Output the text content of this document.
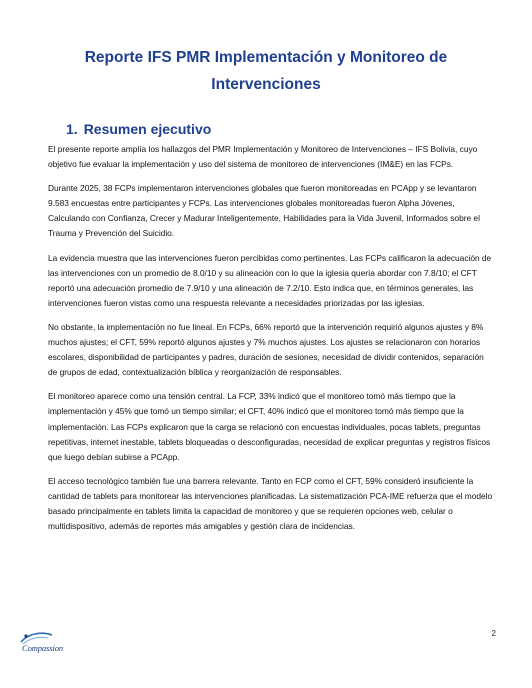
Reporte IFS PMR Implementación y Monitoreo de Intervenciones
1. Resumen ejecutivo

El presente reporte amplía los hallazgos del PMR Implementación y Monitoreo de Intervenciones – IFS Bolivia, cuyo objetivo fue evaluar la implementación y uso del sistema de monitoreo de intervenciones (IM&E) en las FCPs.

Durante 2025, 38 FCPs implementaron intervenciones globales que fueron monitoreadas en PCApp y se levantaron 9.583 encuestas entre participantes y FCPs. Las intervenciones globales monitoreadas fueron Alpha Jóvenes, Calculando con Confianza, Crecer y Madurar Inteligentemente, Habilidades para la Vida Juvenil, Informados sobre el Trauma y Prevención del Suicidio.

La evidencia muestra que las intervenciones fueron percibidas como pertinentes. Las FCPs calificaron la adecuación de las intervenciones con un promedio de 8.0/10 y su alineación con lo que la iglesia quería abordar con 7.8/10; el CFT reportó una adecuación promedio de 7.9/10 y una alineación de 7.2/10. Esto indica que, en términos generales, las intervenciones fueron vistas como una respuesta relevante a necesidades priorizadas por las iglesias.

No obstante, la implementación no fue lineal. En FCPs, 66% reportó que la intervención requirió algunos ajustes y 8% muchos ajustes; el CFT, 59% reportó algunos ajustes y 7% muchos ajustes. Los ajustes se relacionaron con horarios escolares, disponibilidad de participantes y padres, duración de sesiones, necesidad de dividir contenidos, separación de grupos de edad, contextualización bíblica y reorganización de responsables.

El monitoreo aparece como una tensión central. La FCP, 33% indicó que el monitoreo tomó más tiempo que la implementación y 45% que tomó un tiempo similar; el CFT, 40% indicó que el monitoreo tomó más tiempo que la implementación. Las FCPs explicaron que la carga se relacionó con encuestas individuales, pocas tablets, preguntas repetitivas, internet inestable, tablets bloqueadas o desconfiguradas, necesidad de explicar preguntas y registros físicos que luego debían subirse a PCApp.

El acceso tecnológico también fue una barrera relevante. Tanto en FCP como el CFT, 59% consideró insuficiente la cantidad de tablets para monitorear las intervenciones planificadas. La sistematización PCA-IME refuerza que el modelo basado principalmente en tablets limita la capacidad de monitoreo y que se requieren opciones web, celular o multidispositivo, además de reportes más amigables y gestión clara de incidencias.

Compassion
2
